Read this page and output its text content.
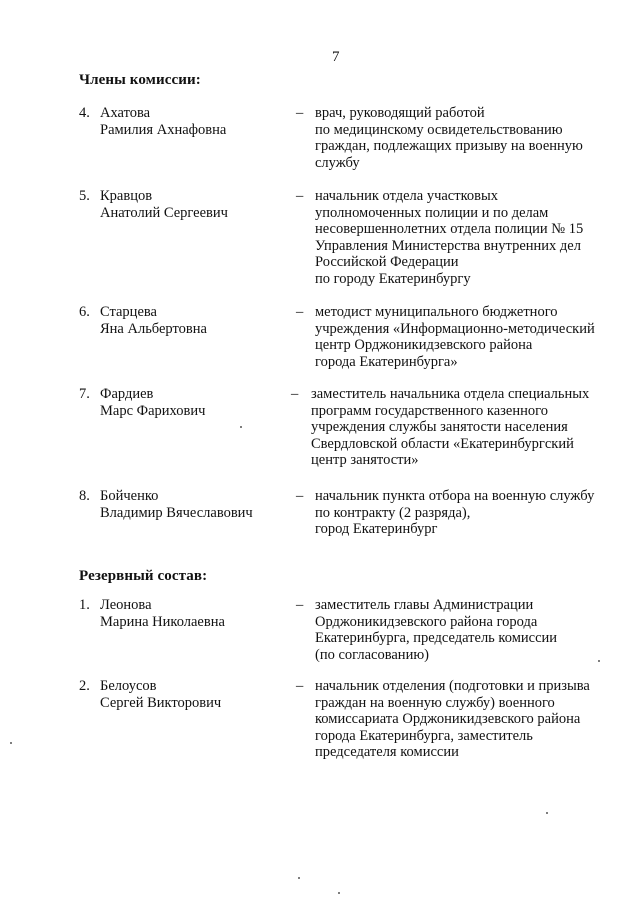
7
Члены комиссии:
4. Ахатова
Рамилия Ахнафовна
– врач, руководящий работой
по медицинскому освидетельствованию
граждан, подлежащих призыву на военную
службу
5. Кравцов
Анатолий Сергеевич
– начальник отдела участковых
уполномоченных полиции и по делам
несовершеннолетних отдела полиции № 15
Управления Министерства внутренних дел
Российской Федерации
по городу Екатеринбургу
6. Старцева
Яна Альбертовна
– методист муниципального бюджетного
учреждения «Информационно-методический
центр Орджоникидзевского района
города Екатеринбурга»
7. Фардиев
Марс Фарихович
– заместитель начальника отдела специальных
программ государственного казенного
учреждения службы занятости населения
Свердловской области «Екатеринбургский
центр занятости»
8. Бойченко
Владимир Вячеславович
– начальник пункта отбора на военную службу
по контракту (2 разряда),
город Екатеринбург
Резервный состав:
1. Леонова
Марина Николаевна
– заместитель главы Администрации
Орджоникидзевского района города
Екатеринбурга, председатель комиссии
(по согласованию)
2. Белоусов
Сергей Викторович
– начальник отделения (подготовки и призыва
граждан на военную службу) военного
комиссариата Орджоникидзевского района
города Екатеринбурга, заместитель
председателя комиссии
